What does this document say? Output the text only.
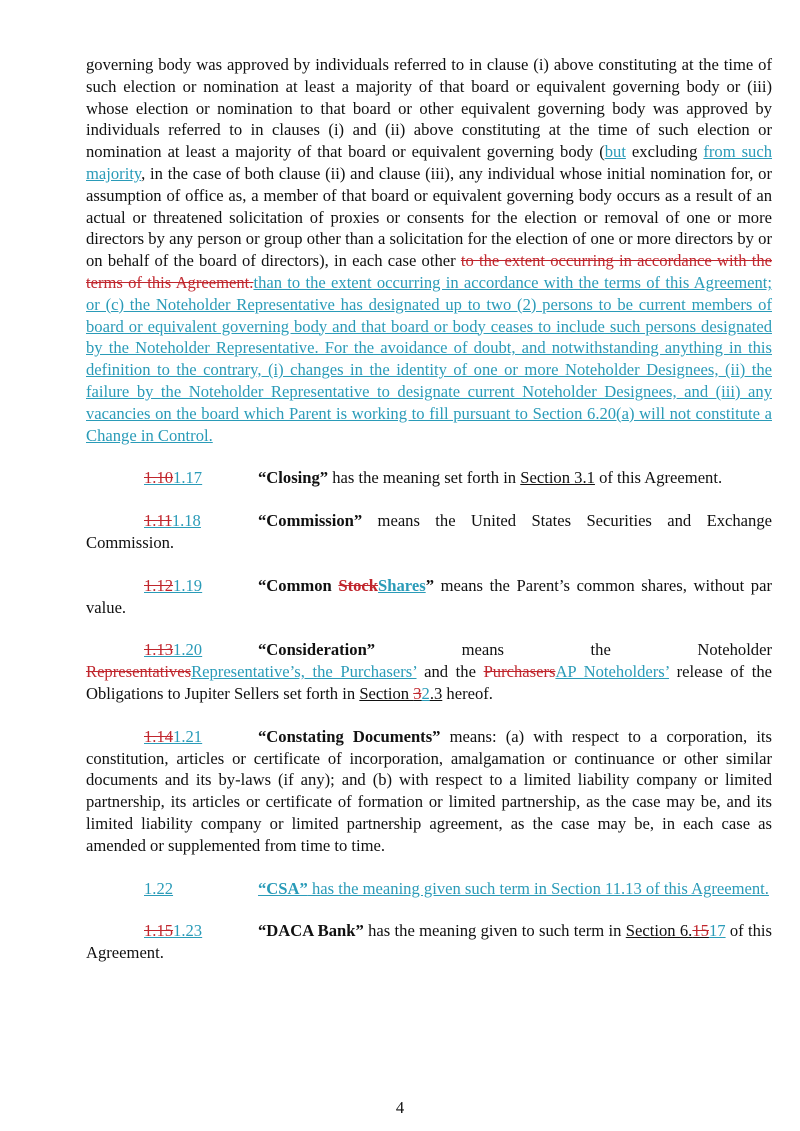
governing body was approved by individuals referred to in clause (i) above constituting at the time of such election or nomination at least a majority of that board or equivalent governing body or (iii) whose election or nomination to that board or other equivalent governing body was approved by individuals referred to in clauses (i) and (ii) above constituting at the time of such election or nomination at least a majority of that board or equivalent governing body (but excluding from such majority, in the case of both clause (ii) and clause (iii), any individual whose initial nomination for, or assumption of office as, a member of that board or equivalent governing body occurs as a result of an actual or threatened solicitation of proxies or consents for the election or removal of one or more directors by any person or group other than a solicitation for the election of one or more directors by or on behalf of the board of directors), in each case other to the extent occurring in accordance with the terms of this Agreement.than to the extent occurring in accordance with the terms of this Agreement; or (c) the Noteholder Representative has designated up to two (2) persons to be current members of board or equivalent governing body and that board or body ceases to include such persons designated by the Noteholder Representative. For the avoidance of doubt, and notwithstanding anything in this definition to the contrary, (i) changes in the identity of one or more Noteholder Designees, (ii) the failure by the Noteholder Representative to designate current Noteholder Designees, and (iii) any vacancies on the board which Parent is working to fill pursuant to Section 6.20(a) will not constitute a Change in Control.

1.101.17	“Closing” has the meaning set forth in Section 3.1 of this Agreement.

1.111.18	“Commission” means the United States Securities and Exchange Commission.

1.121.19	“Common StockShares” means the Parent’s common shares, without par value.

1.131.20	“Consideration” means the Noteholder RepresentativesRepresentative’s, the Purchasers’ and the PurchasersAP Noteholders’ release of the Obligations to Jupiter Sellers set forth in Section 32.3 hereof.

1.141.21	“Constating Documents” means: (a) with respect to a corporation, its constitution, articles or certificate of incorporation, amalgamation or continuance or other similar documents and its by-laws (if any); and (b) with respect to a limited liability company or limited partnership, its articles or certificate of formation or limited partnership, as the case may be, and its limited liability company or limited partnership agreement, as the case may be, in each case as amended or supplemented from time to time.

1.22	“CSA” has the meaning given such term in Section 11.13 of this Agreement.

1.151.23	“DACA Bank” has the meaning given to such term in Section 6.1517 of this Agreement.

4
